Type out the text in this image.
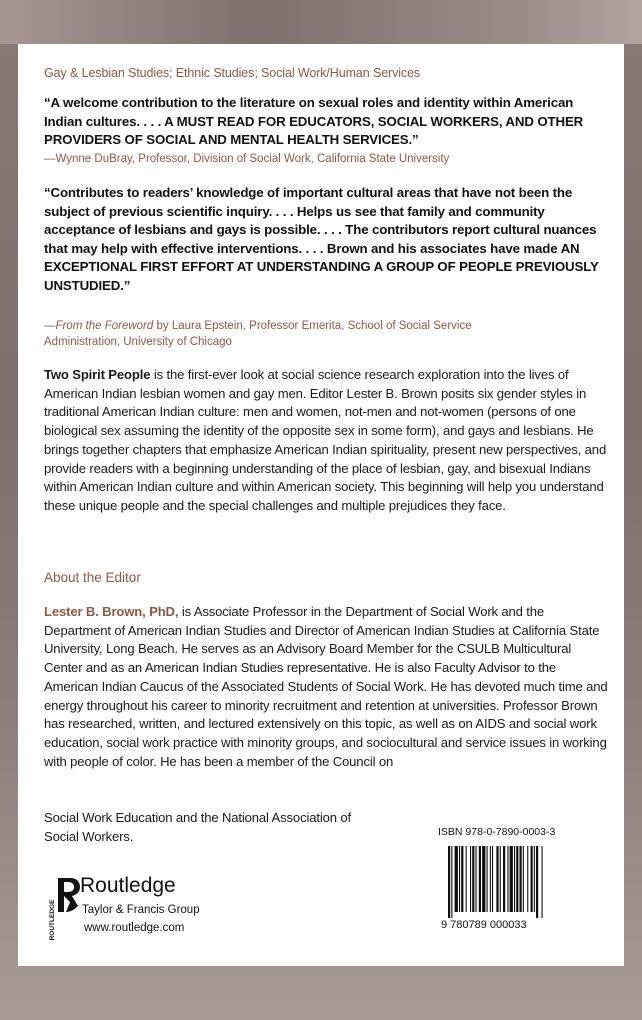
Gay & Lesbian Studies; Ethnic Studies; Social Work/Human Services
“A welcome contribution to the literature on sexual roles and identity within American Indian cultures. . . . A MUST READ FOR EDUCATORS, SOCIAL WORKERS, AND OTHER PROVIDERS OF SOCIAL AND MENTAL HEALTH SERVICES.”
—Wynne DuBray, Professor, Division of Social Work, California State University
“Contributes to readers’ knowledge of important cultural areas that have not been the subject of previous scientific inquiry. . . . Helps us see that family and community acceptance of lesbians and gays is possible. . . . The contributors report cultural nuances that may help with effective interventions. . . . Brown and his associates have made AN EXCEPTIONAL FIRST EFFORT AT UNDERSTANDING A GROUP OF PEOPLE PREVIOUSLY UNSTUDIED.”
—From the Foreword by Laura Epstein, Professor Emerita, School of Social Service Administration, University of Chicago
Two Spirit People is the first-ever look at social science research exploration into the lives of American Indian lesbian women and gay men. Editor Lester B. Brown posits six gender styles in traditional American Indian culture: men and women, not-men and not-women (persons of one biological sex assuming the identity of the opposite sex in some form), and gays and lesbians. He brings together chapters that emphasize American Indian spirituality, present new perspectives, and provide readers with a beginning understanding of the place of lesbian, gay, and bisexual Indians within American Indian culture and within American society. This beginning will help you understand these unique people and the special challenges and multiple prejudices they face.
About the Editor
Lester B. Brown, PhD, is Associate Professor in the Department of Social Work and the Department of American Indian Studies and Director of American Indian Studies at California State University, Long Beach. He serves as an Advisory Board Member for the CSULB Multicultural Center and as an American Indian Studies representative. He is also Faculty Advisor to the American Indian Caucus of the Associated Students of Social Work. He has devoted much time and energy throughout his career to minority recruitment and retention at universities. Professor Brown has researched, written, and lectured extensively on this topic, as well as on AIDS and social work education, social work practice with minority groups, and sociocultural and service issues in working with people of color. He has been a member of the Council on
Social Work Education and the National Association of Social Workers.	ISBN 978-0-7890-0003-3
9 780789 000033
ROUTLEDGE
Routledge
Taylor & Francis Group
www.routledge.com
